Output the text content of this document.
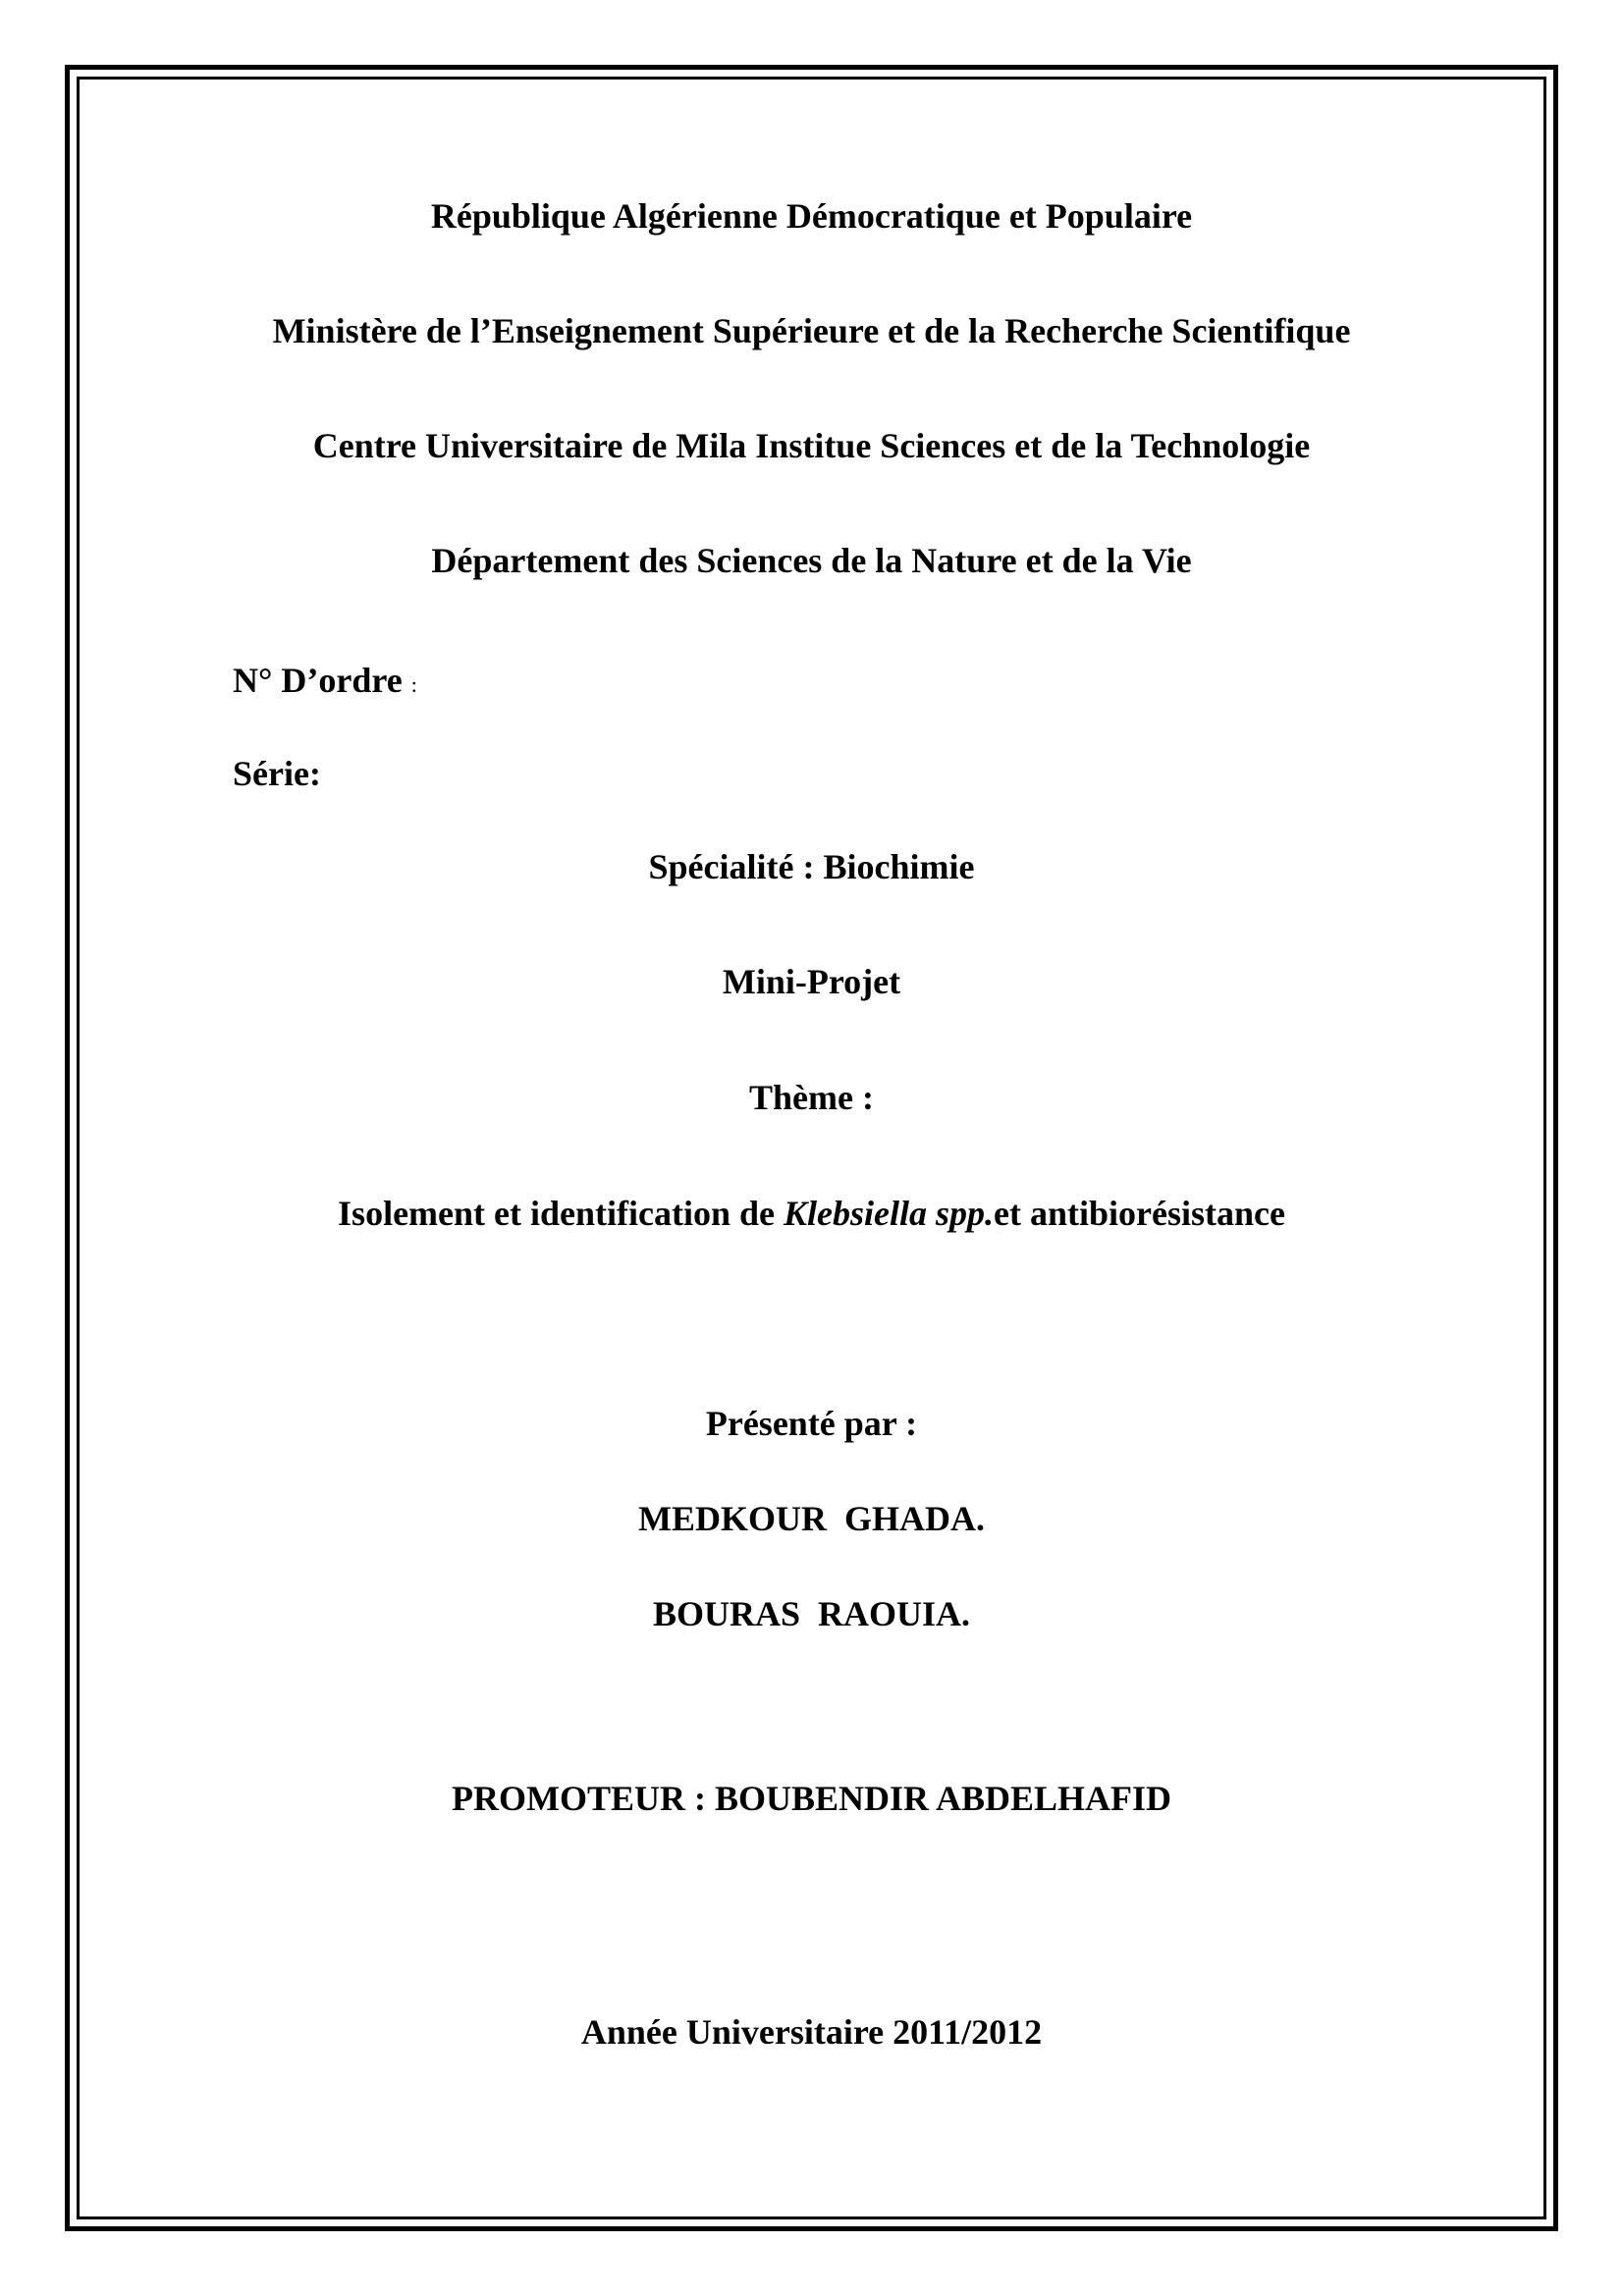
République Algérienne Démocratique et Populaire
Ministère de l’Enseignement Supérieure et de la Recherche Scientifique
Centre Universitaire de Mila Institue Sciences et de la Technologie
Département des Sciences de la Nature et de la Vie
N° D’ordre :
Série:
Spécialité : Biochimie
Mini-Projet
Thème :
Isolement et identification de Klebsiella spp.et antibiorésistance
Présenté par :
MEDKOUR  GHADA.
BOURAS  RAOUIA.
PROMOTEUR : BOUBENDIR ABDELHAFID
Année Universitaire 2011/2012
